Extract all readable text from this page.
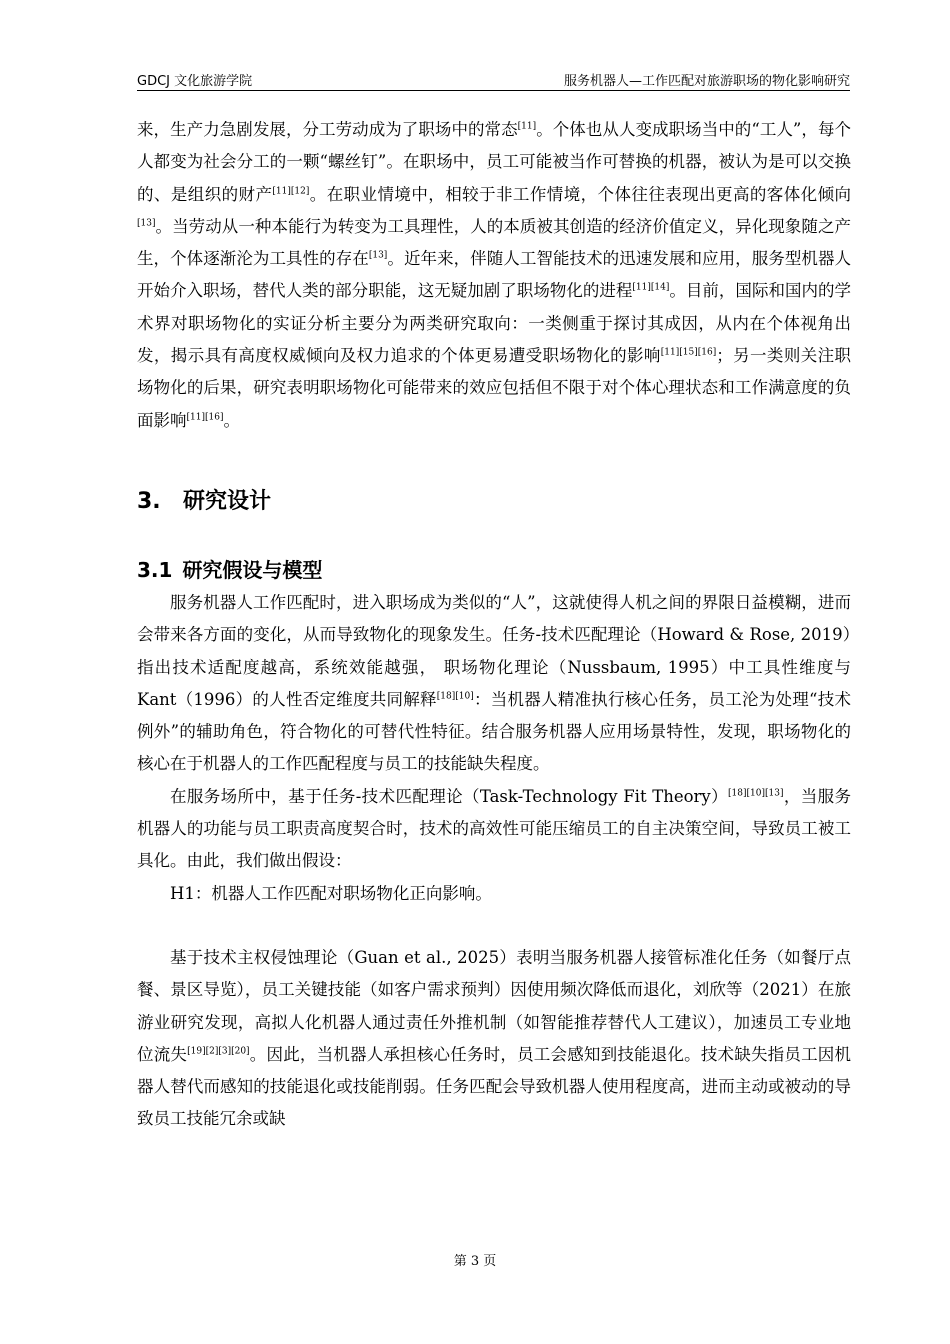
GDCJ 文化旅游学院	服务机器人—工作匹配对旅游职场的物化影响研究

来，生产力急剧发展，分工劳动成为了职场中的常态[11]。个体也从人变成职场当中的“工人”，每个人都变为社会分工的一颗“螺丝钉”。在职场中，员工可能被当作可替换的机器，被认为是可以交换的、是组织的财产[11][12]。在职业情境中，相较于非工作情境，个体往往表现出更高的客体化倾向[13]。当劳动从一种本能行为转变为工具理性，人的本质被其创造的经济价值定义，异化现象随之产生，个体逐渐沦为工具性的存在[13]。近年来，伴随人工智能技术的迅速发展和应用，服务型机器人开始介入职场，替代人类的部分职能，这无疑加剧了职场物化的进程[11][14]。目前，国际和国内的学术界对职场物化的实证分析主要分为两类研究取向：一类侧重于探讨其成因，从内在个体视角出发，揭示具有高度权威倾向及权力追求的个体更易遭受职场物化的影响[11][15][16]；另一类则关注职场物化的后果，研究表明职场物化可能带来的效应包括但不限于对个体心理状态和工作满意度的负面影响[11][16]。

3. 研究设计
3.1 研究假设与模型

服务机器人工作匹配时，进入职场成为类似的“人”，这就使得人机之间的界限日益模糊，进而会带来各方面的变化，从而导致物化的现象发生。任务-技术匹配理论（Howard & Rose, 2019）指出技术适配度越高，系统效能越强， 职场物化理论（Nussbaum, 1995）中工具性维度与 Kant（1996）的人性否定维度共同解释[18][10]：当机器人精准执行核心任务，员工沦为处理“技术例外”的辅助角色，符合物化的可替代性特征。结合服务机器人应用场景特性，发现，职场物化的核心在于机器人的工作匹配程度与员工的技能缺失程度。

在服务场所中，基于任务-技术匹配理论（Task-Technology Fit Theory）[18][10][13]，当服务机器人的功能与员工职责高度契合时，技术的高效性可能压缩员工的自主决策空间，导致员工被工具化。由此，我们做出假设：

H1：机器人工作匹配对职场物化正向影响。

基于技术主权侵蚀理论（Guan et al., 2025）表明当服务机器人接管标准化任务（如餐厅点餐、景区导览），员工关键技能（如客户需求预判）因使用频次降低而退化，刘欣等（2021）在旅游业研究发现，高拟人化机器人通过责任外推机制（如智能推荐替代人工建议），加速员工专业地位流失[19][2][3][20]。因此，当机器人承担核心任务时，员工会感知到技能退化。技术缺失指员工因机器人替代而感知的技能退化或技能削弱。任务匹配会导致机器人使用程度高，进而主动或被动的导致员工技能冗余或缺

第 3 页
